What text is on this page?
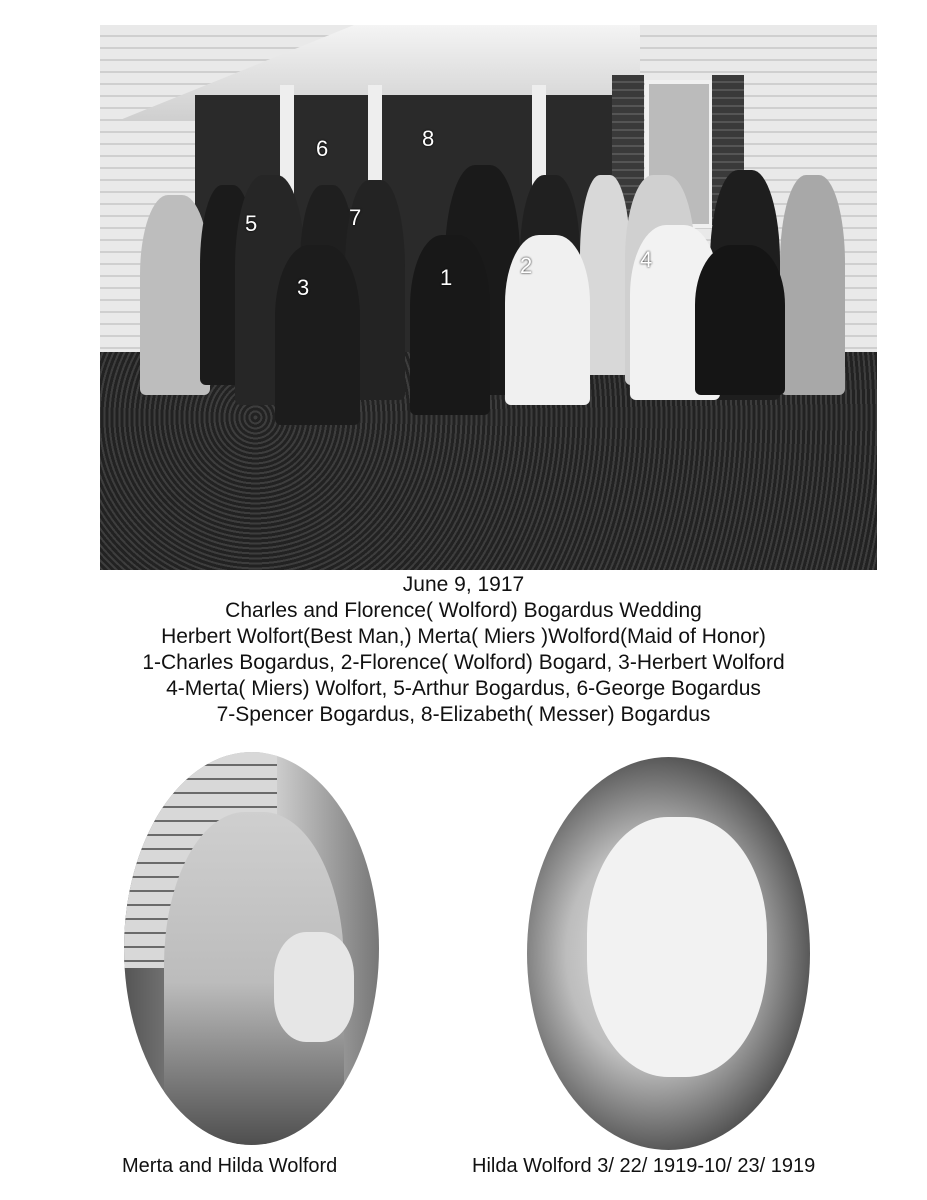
1	2
3
4
5
6
7
8
June 9, 1917
Charles and Florence( Wolford) Bogardus Wedding
Herbert Wolfort(Best Man,) Merta( Miers )Wolford(Maid of Honor)
1-Charles Bogardus, 2-Florence( Wolford) Bogard, 3-Herbert Wolford
4-Merta( Miers) Wolfort, 5-Arthur Bogardus, 6-George Bogardus
7-Spencer Bogardus, 8-Elizabeth( Messer) Bogardus
Merta and Hilda Wolford	Hilda Wolford 3/ 22/ 1919-10/ 23/ 1919
